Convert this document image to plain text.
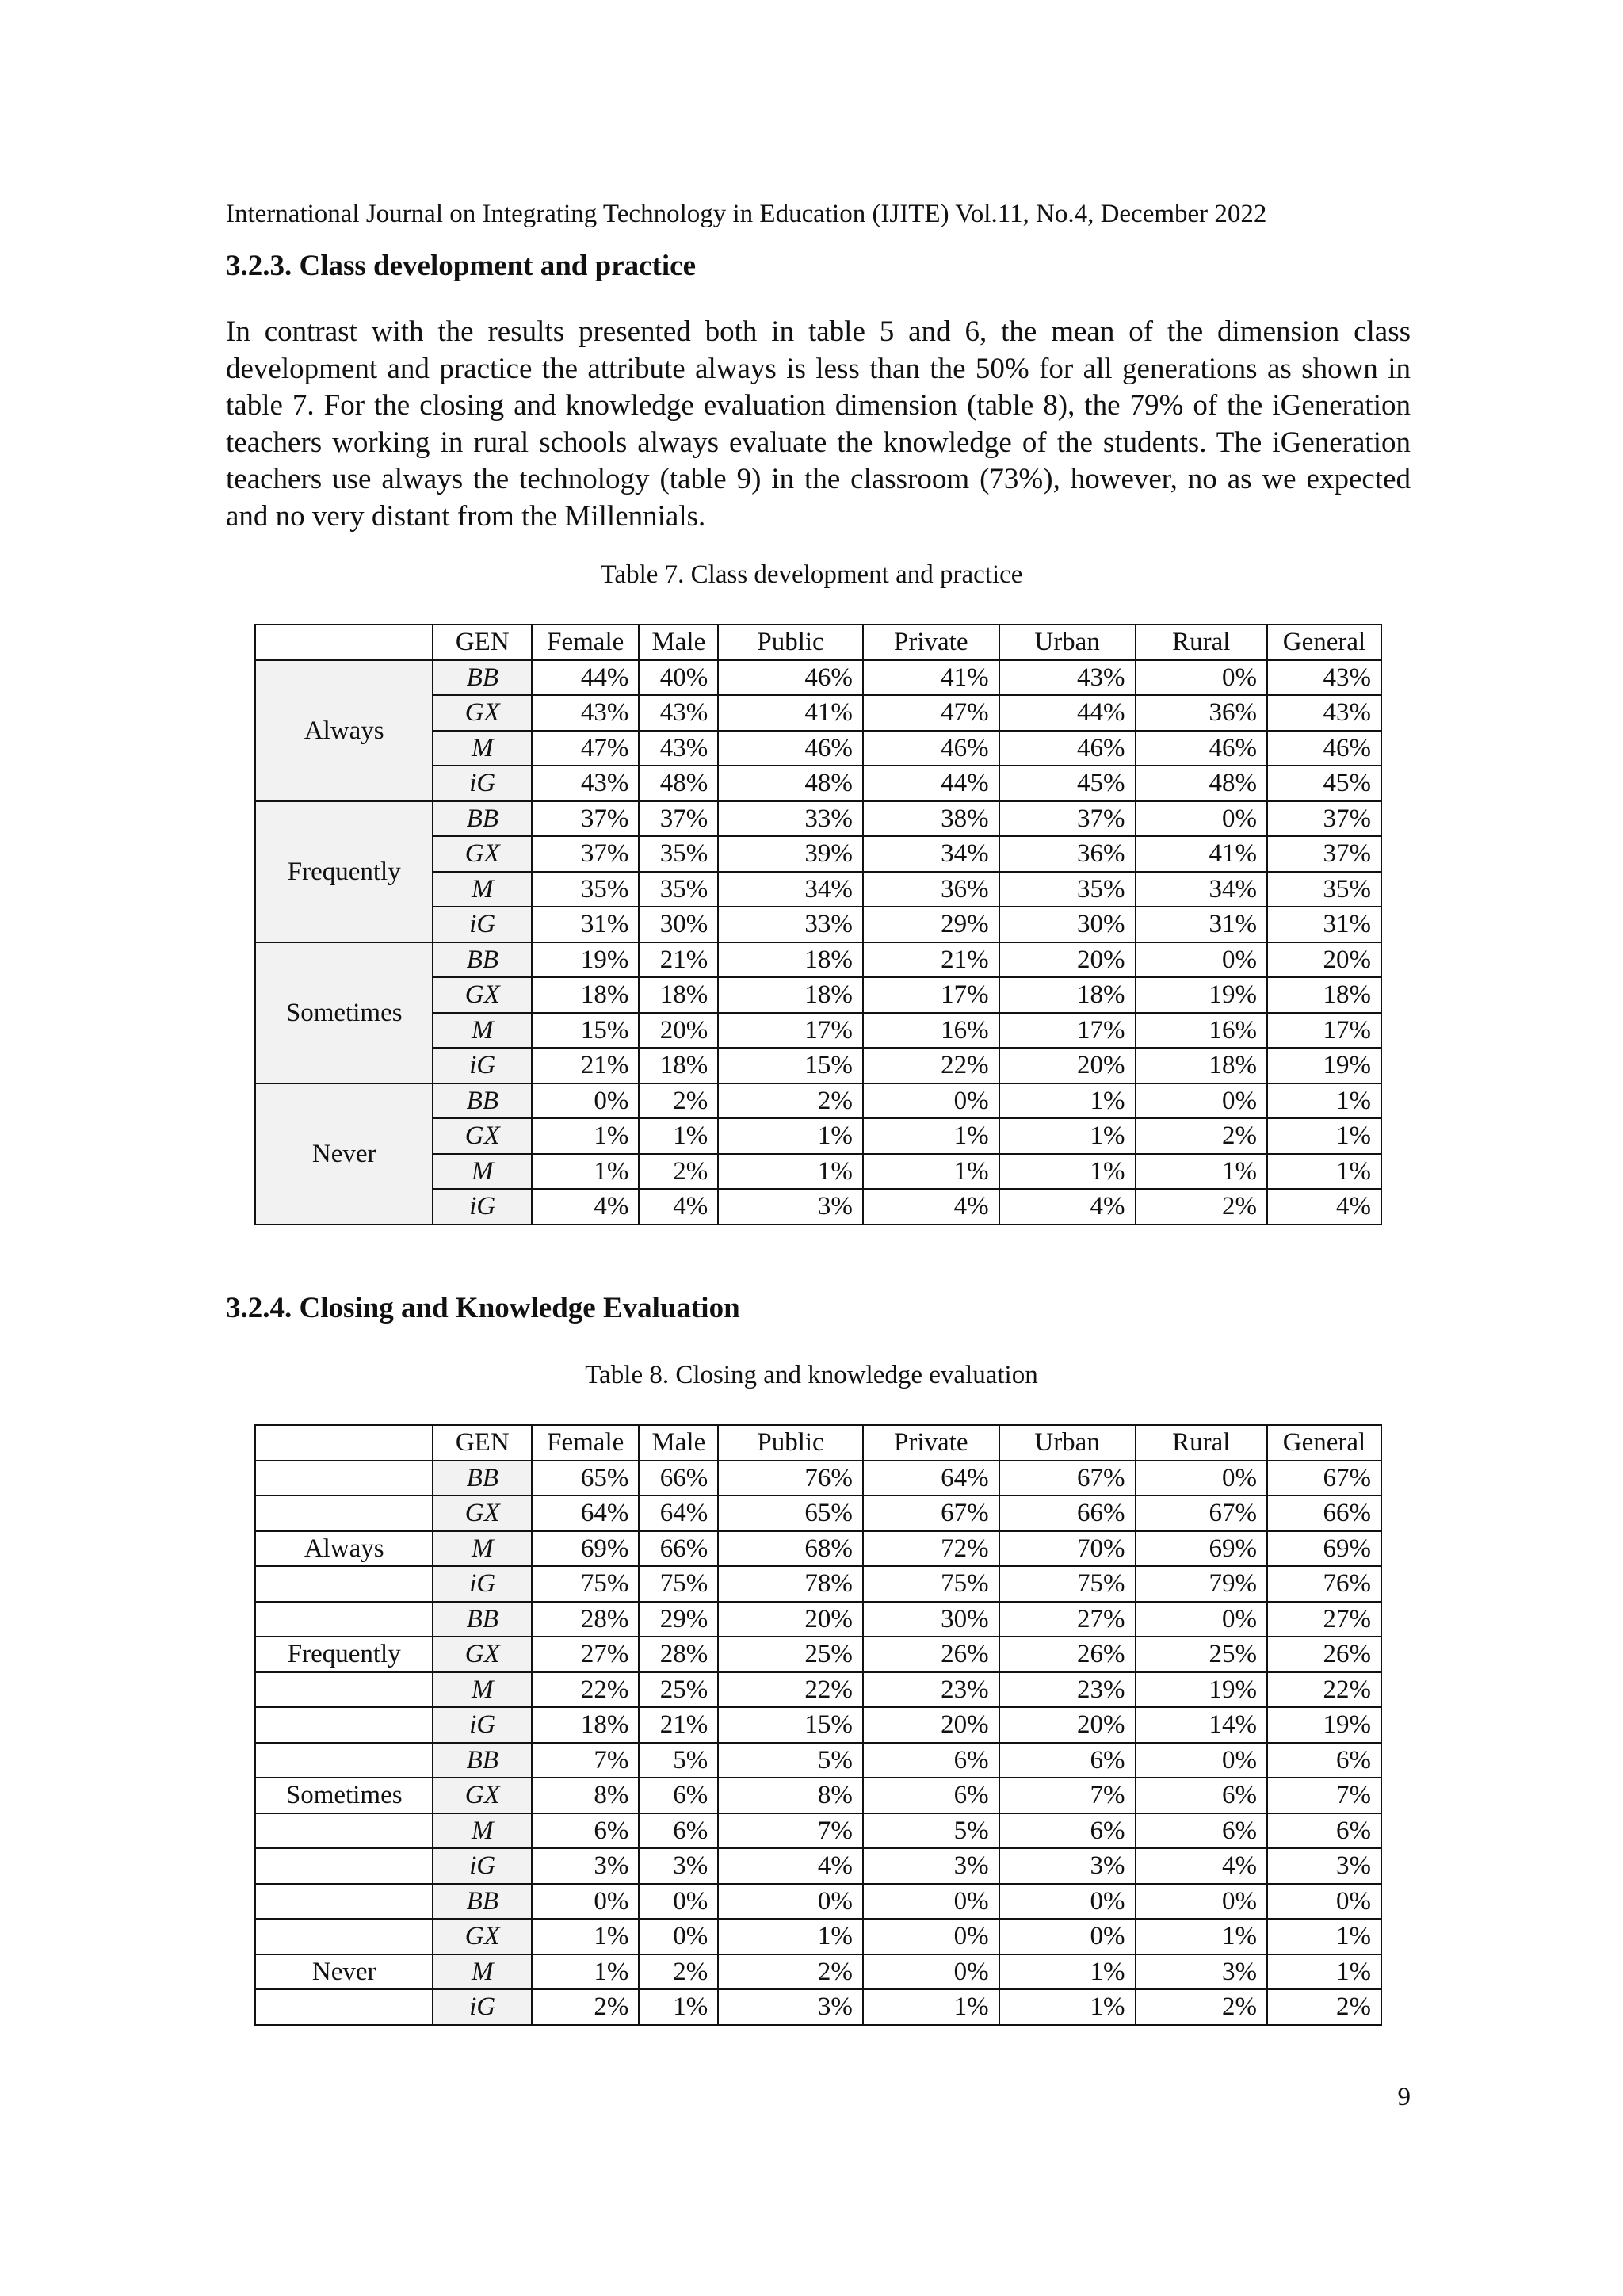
International Journal on Integrating Technology in Education (IJITE) Vol.11, No.4, December 2022
3.2.3. Class development and practice

In contrast with the results presented both in table 5 and 6, the mean of the dimension class development and practice the attribute always is less than the 50% for all generations as shown in table 7. For the closing and knowledge evaluation dimension (table 8), the 79% of the iGeneration teachers working in rural schools always evaluate the knowledge of the students. The iGeneration teachers use always the technology (table 9) in the classroom (73%), however, no as we expected and no very distant from the Millennials.

Table 7. Class development and practice
	GEN	Female	Male	Public	Private	Urban	Rural	General
Always	BB	44%	40%	46%	41%	43%	0%	43%
	GX	43%	43%	41%	47%	44%	36%	43%
	M	47%	43%	46%	46%	46%	46%	46%
	iG	43%	48%	48%	44%	45%	48%	45%
Frequently	BB	37%	37%	33%	38%	37%	0%	37%
	GX	37%	35%	39%	34%	36%	41%	37%
	M	35%	35%	34%	36%	35%	34%	35%
	iG	31%	30%	33%	29%	30%	31%	31%
Sometimes	BB	19%	21%	18%	21%	20%	0%	20%
	GX	18%	18%	18%	17%	18%	19%	18%
	M	15%	20%	17%	16%	17%	16%	17%
	iG	21%	18%	15%	22%	20%	18%	19%
Never	BB	0%	2%	2%	0%	1%	0%	1%
	GX	1%	1%	1%	1%	1%	2%	1%
	M	1%	2%	1%	1%	1%	1%	1%
	iG	4%	4%	3%	4%	4%	2%	4%
3.2.4. Closing and Knowledge Evaluation
Table 8. Closing and knowledge evaluation
	GEN	Female	Male	Public	Private	Urban	Rural	General
	BB	65%	66%	76%	64%	67%	0%	67%
	GX	64%	64%	65%	67%	66%	67%	66%
Always	M	69%	66%	68%	72%	70%	69%	69%
	iG	75%	75%	78%	75%	75%	79%	76%
	BB	28%	29%	20%	30%	27%	0%	27%
Frequently	GX	27%	28%	25%	26%	26%	25%	26%
	M	22%	25%	22%	23%	23%	19%	22%
	iG	18%	21%	15%	20%	20%	14%	19%
	BB	7%	5%	5%	6%	6%	0%	6%
Sometimes	GX	8%	6%	8%	6%	7%	6%	7%
	M	6%	6%	7%	5%	6%	6%	6%
	iG	3%	3%	4%	3%	3%	4%	3%
	BB	0%	0%	0%	0%	0%	0%	0%
	GX	1%	0%	1%	0%	0%	1%	1%
Never	M	1%	2%	2%	0%	1%	3%	1%
	iG	2%	1%	3%	1%	1%	2%	2%
9
